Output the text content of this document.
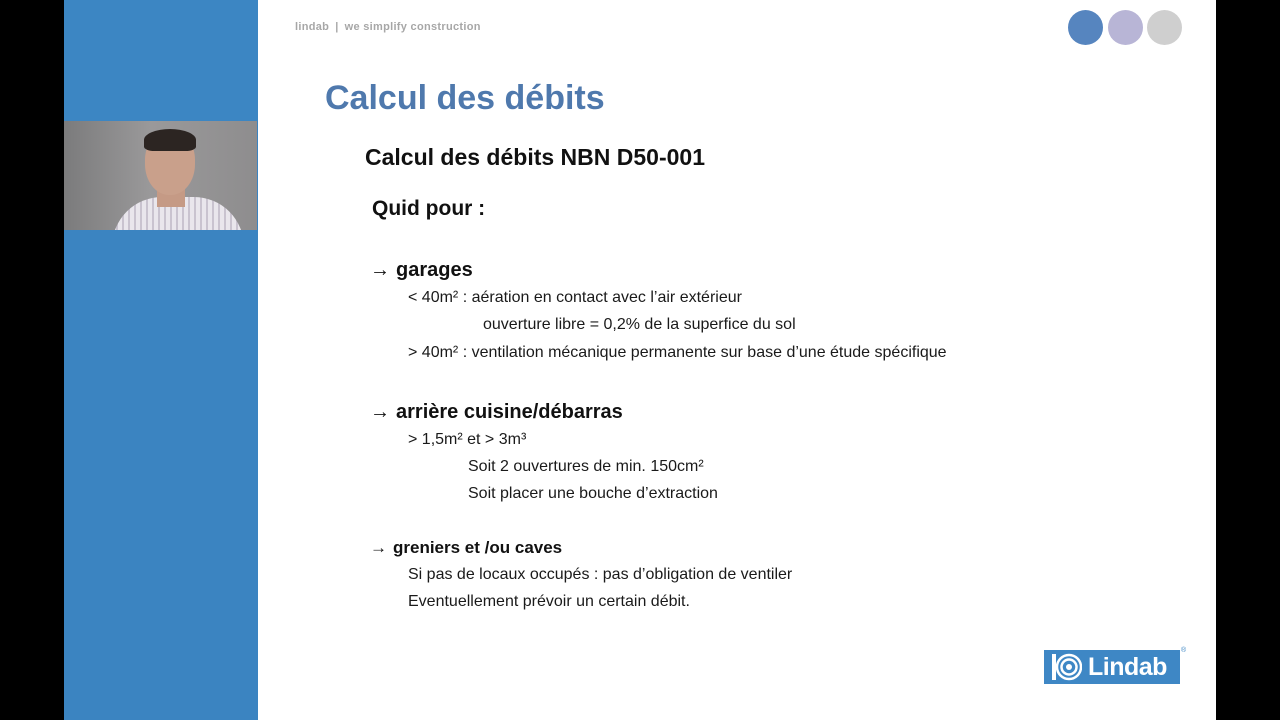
lindab | we simplify construction
Calcul des débits
Calcul des débits NBN D50-001
Quid pour :
→ garages
< 40m² : aération en contact avec l’air extérieur
ouverture libre = 0,2% de la superfice du sol
> 40m² : ventilation mécanique permanente sur base d’une étude spécifique
→ arrière cuisine/débarras
> 1,5m² et > 3m³
Soit 2 ouvertures de min. 150cm²
Soit placer une bouche d’extraction
→ greniers et /ou caves
Si pas de locaux occupés : pas d’obligation de ventiler
Eventuellement prévoir un certain débit.
Lindab
®
